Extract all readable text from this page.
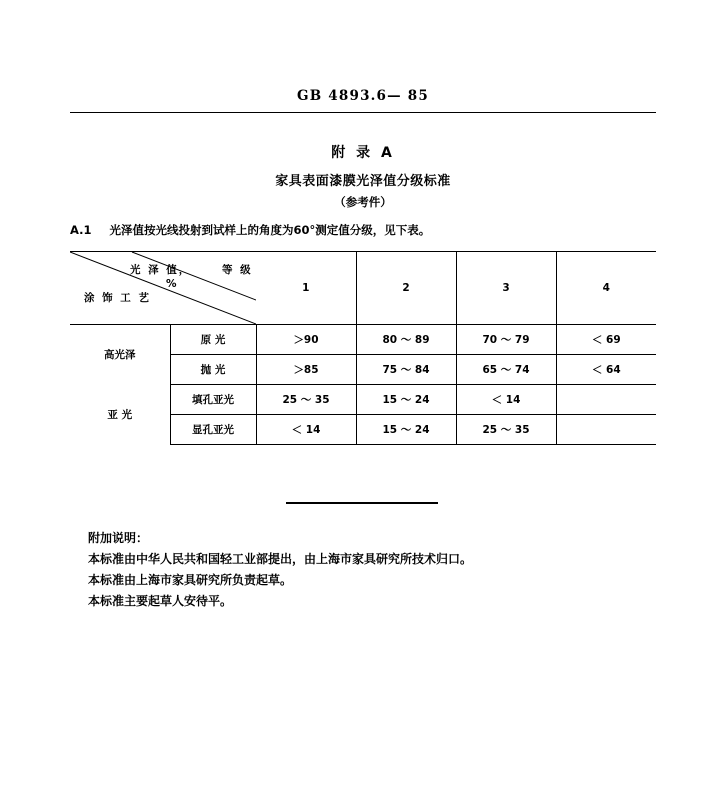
GB 4893.6— 85
附 录 A
家具表面漆膜光泽值分级标准
（参考件）
A.1 光泽值按光线投射到试样上的角度为60°测定值分级，见下表。
光 泽 值，
%
等 级
涂 饰 工 艺		1	2	3	4
高光泽	原 光	＞90	80 ～ 89	70 ～ 79	＜ 69
	抛 光	＞85	75 ～ 84	65 ～ 74	＜ 64
亚 光	填孔亚光	25 ～ 35	15 ～ 24	＜ 14	
	显孔亚光	＜ 14	15 ～ 24	25 ～ 35	
附加说明：
本标准由中华人民共和国轻工业部提出，由上海市家具研究所技术归口。
本标准由上海市家具研究所负责起草。
本标准主要起草人安待平。
